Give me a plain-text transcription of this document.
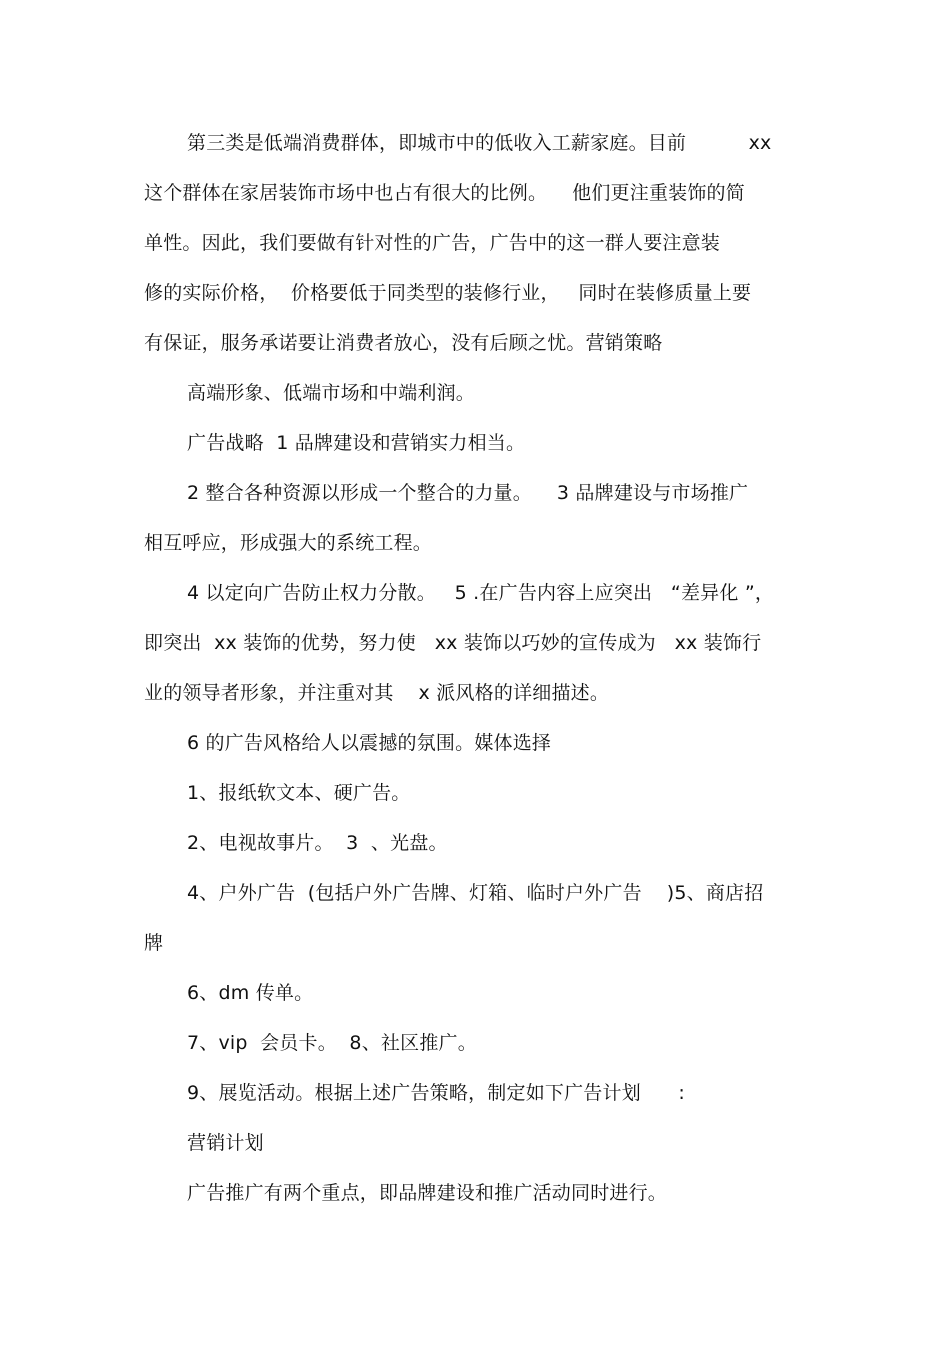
第三类是低端消费群体，即城市中的低收入工薪家庭。目前          xx
这个群体在家居装饰市场中也占有很大的比例。    他们更注重装饰的简
单性。因此，我们要做有针对性的广告，广告中的这一群人要注意装
修的实际价格，  价格要低于同类型的装修行业，   同时在装修质量上要
有保证，服务承诺要让消费者放心，没有后顾之忧。营销策略
高端形象、低端市场和中端利润。
广告战略  1 品牌建设和营销实力相当。
2 整合各种资源以形成一个整合的力量。    3 品牌建设与市场推广
相互呼应，形成强大的系统工程。
4 以定向广告防止权力分散。   5 .在广告内容上应突出   “差异化 ”，
即突出  xx 装饰的优势，努力使   xx 装饰以巧妙的宣传成为   xx 装饰行
业的领导者形象，并注重对其    x 派风格的详细描述。
6 的广告风格给人以震撼的氛围。媒体选择
1、报纸软文本、硬广告。
2、电视故事片。  3  、光盘。
4、户外广告  (包括户外广告牌、灯箱、临时户外广告    )5、商店招
牌
6、dm 传单。
7、vip  会员卡。  8、社区推广。
9、展览活动。根据上述广告策略，制定如下广告计划      :
营销计划
广告推广有两个重点，即品牌建设和推广活动同时进行。
